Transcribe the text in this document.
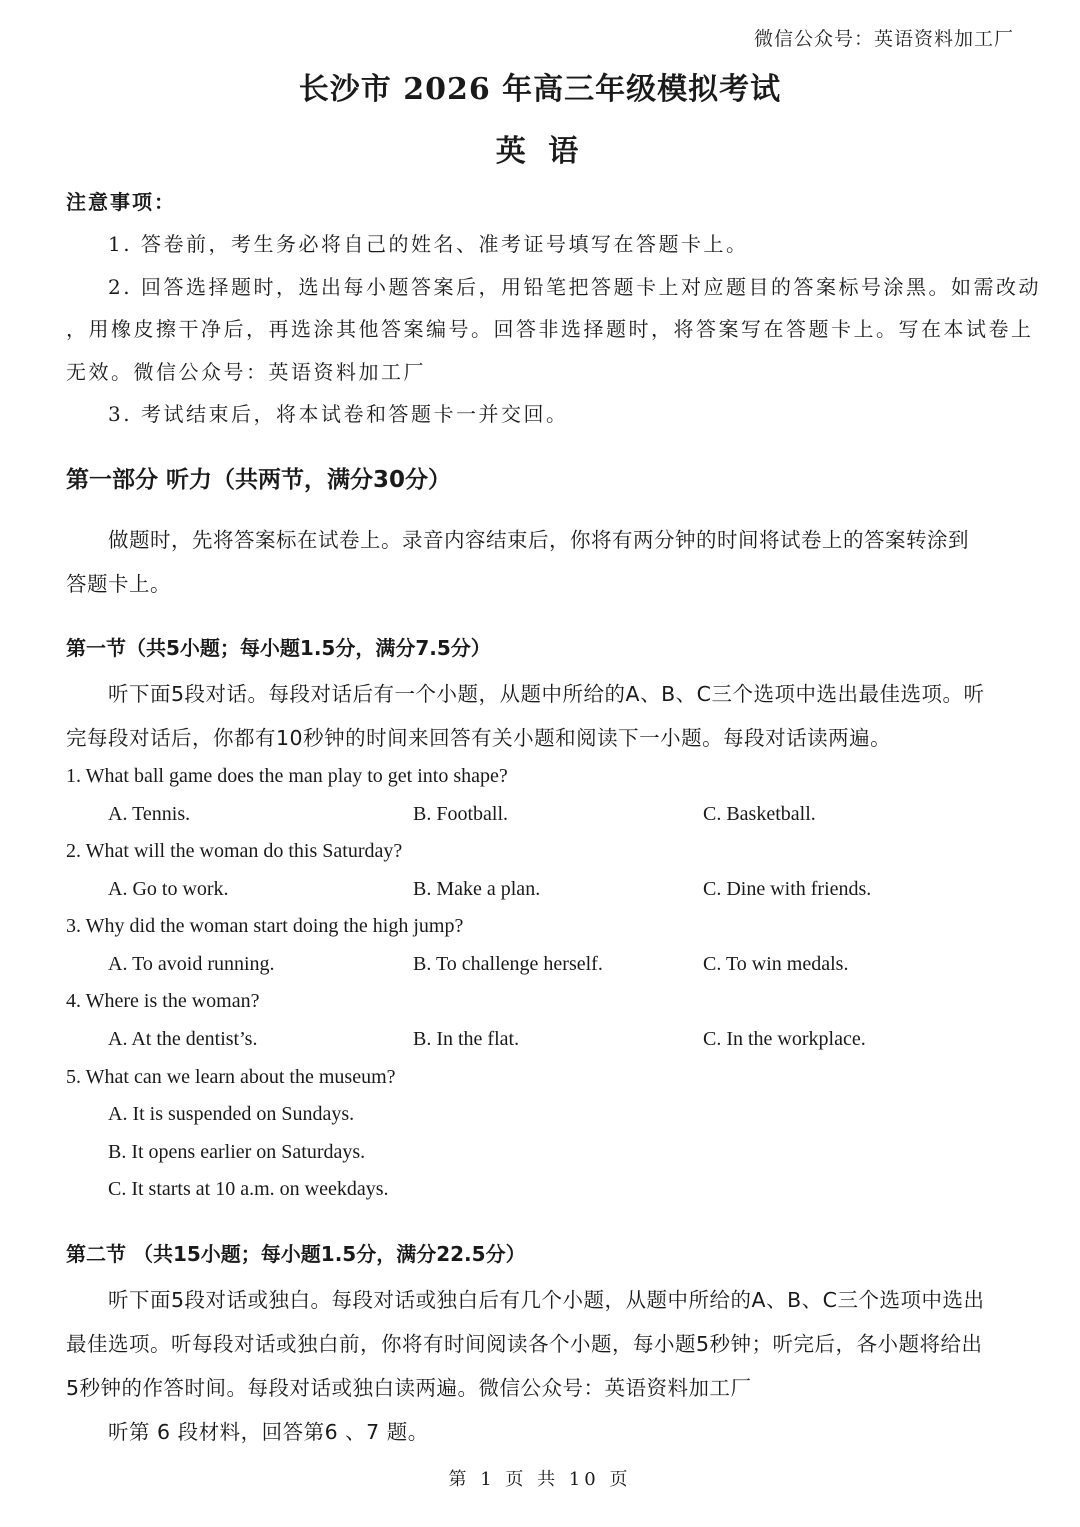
微信公众号：英语资料加工厂
长沙市 2026 年高三年级模拟考试
英 语
注意事项：
1. 答卷前，考生务必将自己的姓名、准考证号填写在答题卡上。
2. 回答选择题时，选出每小题答案后，用铅笔把答题卡上对应题目的答案标号涂黑。如需改动
，用橡皮擦干净后，再选涂其他答案编号。回答非选择题时，将答案写在答题卡上。写在本试卷上
无效。微信公众号：英语资料加工厂
3. 考试结束后，将本试卷和答题卡一并交回。
第一部分 听力（共两节，满分30分）
做题时，先将答案标在试卷上。录音内容结束后，你将有两分钟的时间将试卷上的答案转涂到
答题卡上。
第一节（共5小题；每小题1.5分，满分7.5分）
听下面5段对话。每段对话后有一个小题，从题中所给的A、B、C三个选项中选出最佳选项。听
完每段对话后，你都有10秒钟的时间来回答有关小题和阅读下一小题。每段对话读两遍。
1. What ball game does the man play to get into shape?
A. Tennis.	B. Football.	C. Basketball.
2. What will the woman do this Saturday?
A. Go to work.	B. Make a plan.	C. Dine with friends.
3. Why did the woman start doing the high jump?
A. To avoid running.	B. To challenge herself.	C. To win medals.
4. Where is the woman?
A. At the dentist’s.	B. In the flat.	C. In the workplace.
5. What can we learn about the museum?
A. It is suspended on Sundays.
B. It opens earlier on Saturdays.
C. It starts at 10 a.m. on weekdays.
第二节 （共15小题；每小题1.5分，满分22.5分）
听下面5段对话或独白。每段对话或独白后有几个小题，从题中所给的A、B、C三个选项中选出
最佳选项。听每段对话或独白前，你将有时间阅读各个小题，每小题5秒钟；听完后，各小题将给出
5秒钟的作答时间。每段对话或独白读两遍。微信公众号：英语资料加工厂
听第 6 段材料，回答第6 、7 题。
第 1 页 共 10 页
